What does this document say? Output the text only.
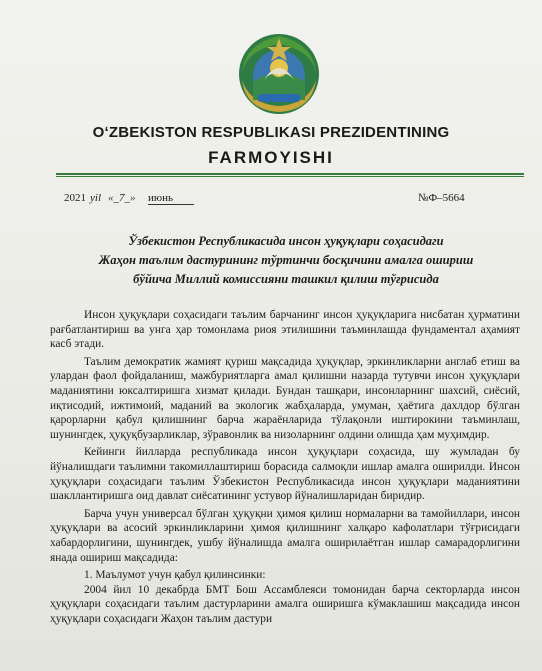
OʻZBEKISTON RESPUBLIKASI PREZIDENTINING
FARMOYISHI
2021 yil «_7_» июнь	№Ф–5664
Ўзбекистон Республикасида инсон ҳуқуқлари соҳасидаги
Жаҳон таълим дастурининг тўртинчи босқичини амалга ошириш
бўйича Миллий комиссияни ташкил қилиш тўғрисида

Инсон ҳуқуқлари соҳасидаги таълим барчанинг инсон ҳуқуқларига нисбатан ҳурматини рағбатлантириш ва унга ҳар томонлама риоя этилишини таъминлашда фундаментал аҳамият касб этади.

Таълим демократик жамият қуриш мақсадида ҳуқуқлар, эркинликларни англаб етиш ва улардан фаол фойдаланиш, мажбуриятларга амал қилишни назарда тутувчи инсон ҳуқуқлари маданиятини юксалтиришга хизмат қилади. Бундан ташқари, инсонларнинг шахсий, сиёсий, иқтисодий, ижтимоий, маданий ва экологик жабҳаларда, умуман, ҳаётига дахлдор бўлган қарорларни қабул қилишнинг барча жараёнларида тўлақонли иштирокини таъминлаш, шунингдек, ҳуқуқбузарликлар, зўравонлик ва низоларнинг олдини олишда ҳам муҳимдир.

Кейинги йилларда республикада инсон ҳуқуқлари соҳасида, шу жумладан бу йўналишдаги таълимни такомиллаштириш борасида салмоқли ишлар амалга оширилди. Инсон ҳуқуқлари соҳасидаги таълим Ўзбекистон Республикасида инсон ҳуқуқлари маданиятини шакллантиришга оид давлат сиёсатининг устувор йўналишларидан биридир.

Барча учун универсал бўлган ҳуқуқни ҳимоя қилиш нормаларни ва тамойиллари, инсон ҳуқуқлари ва асосий эркинликларини ҳимоя қилишнинг халқаро кафолатлари тўғрисидаги хабардорлигини, шунингдек, ушбу йўналишда амалга оширилаётган ишлар самарадорлигини янада ошириш мақсадида:

1. Маълумот учун қабул қилинсинки:

2004 йил 10 декабрда БМТ Бош Ассамблеяси томонидан барча секторларда инсон ҳуқуқлари соҳасидаги таълим дастурларини амалга оширишга кўмаклашиш мақсадида инсон ҳуқуқлари соҳасидаги Жаҳон таълим дастури
